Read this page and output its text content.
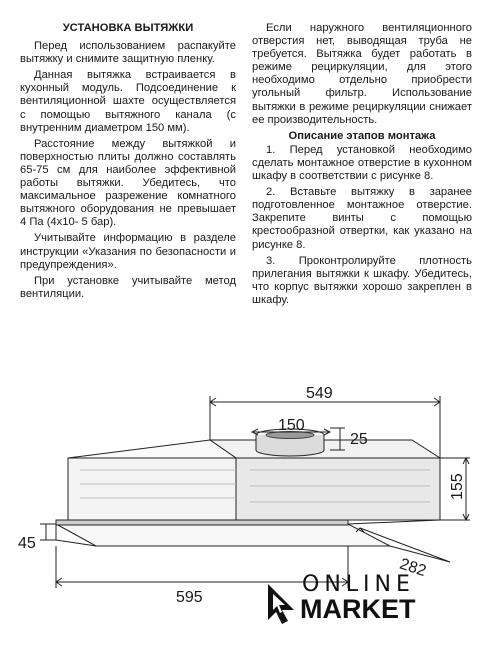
УСТАНОВКА ВЫТЯЖКИ

Перед использованием распакуйте вытяжку и снимите защитную пленку.

Данная вытяжка встраивается в кухонный модуль. Подсоединение к вентиляционной шахте осуществляется с помощью вытяжного канала (с внутренним диаметром 150 мм).

Расстояние между вытяжкой и поверхностью плиты должно составлять 65-75 см для наиболее эффективной работы вытяжки. Убедитесь, что максимальное разрежение комнатного вытяжного оборудования не превышает 4 Па (4х10- 5 бар).

Учитывайте информацию в разделе инструкции «Указания по безопасности и предупреждения».

При установке учитывайте метод вентиляции.

Если наружного вентиляционного отверстия нет, выводящая труба не требуется. Вытяжка будет работать в режиме рециркуляции, для этого необходимо отдельно приобрести угольный фильтр. Использование вытяжки в режиме рециркуляции снижает ее производительность.

Описание этапов монтажа

1. Перед установкой необходимо сделать монтажное отверстие в кухонном шкафу в соответствии с рисунке 8.

2. Вставьте вытяжку в заранее подготовленное монтажное отверстие. Закрепите винты с помощью крестообразной отвертки, как указано на рисунке 8.

3. Проконтролируйте плотность прилегания вытяжки к шкафу. Убедитесь, что корпус вытяжки хорошо закреплен в шкафу.

549
150
25
155
45
282
595
ONLINE
MARKET
